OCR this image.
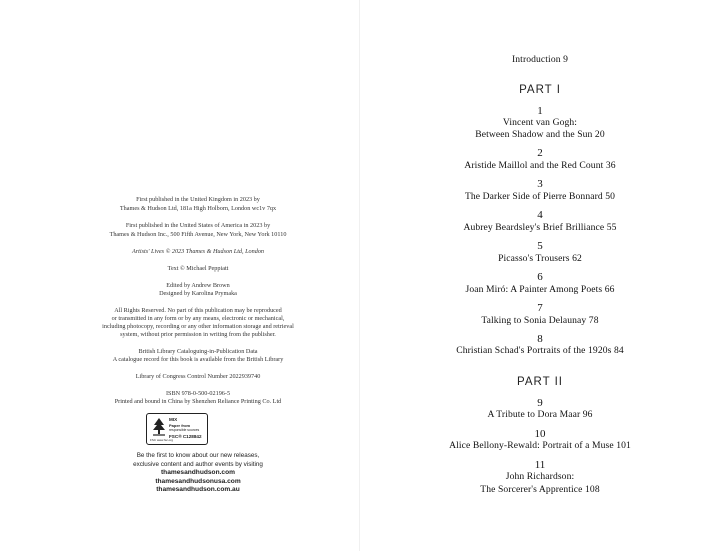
First published in the United Kingdom in 2023 by
Thames & Hudson Ltd, 181a High Holborn, London wc1v 7qx
First published in the United States of America in 2023 by
Thames & Hudson Inc., 500 Fifth Avenue, New York, New York 10110
Artists' Lives © 2023 Thames & Hudson Ltd, London
Text © Michael Peppiatt
Edited by Andrew Brown
Designed by Karolina Prymaka
All Rights Reserved. No part of this publication may be reproduced
or transmitted in any form or by any means, electronic or mechanical,
including photocopy, recording or any other information storage and retrieval
system, without prior permission in writing from the publisher.
British Library Cataloguing-in-Publication Data
A catalogue record for this book is available from the British Library
Library of Congress Control Number 2022939740
ISBN 978-0-500-02196-5
Printed and bound in China by Shenzhen Reliance Printing Co. Ltd
MIX
Paper from
responsible sources
FSC® C128842
FSC www.fsc.org
Be the first to know about our new releases,
exclusive content and author events by visiting
thamesandhudson.com
thamesandhudsonusa.com
thamesandhudson.com.au
Introduction 9
PART I
1
Vincent van Gogh:
Between Shadow and the Sun 20
2
Aristide Maillol and the Red Count 36
3
The Darker Side of Pierre Bonnard 50
4
Aubrey Beardsley's Brief Brilliance 55
5
Picasso's Trousers 62
6
Joan Miró: A Painter Among Poets 66
7
Talking to Sonia Delaunay 78
8
Christian Schad's Portraits of the 1920s 84
PART II
9
A Tribute to Dora Maar 96
10
Alice Bellony-Rewald: Portrait of a Muse 101
11
John Richardson:
The Sorcerer's Apprentice 108
